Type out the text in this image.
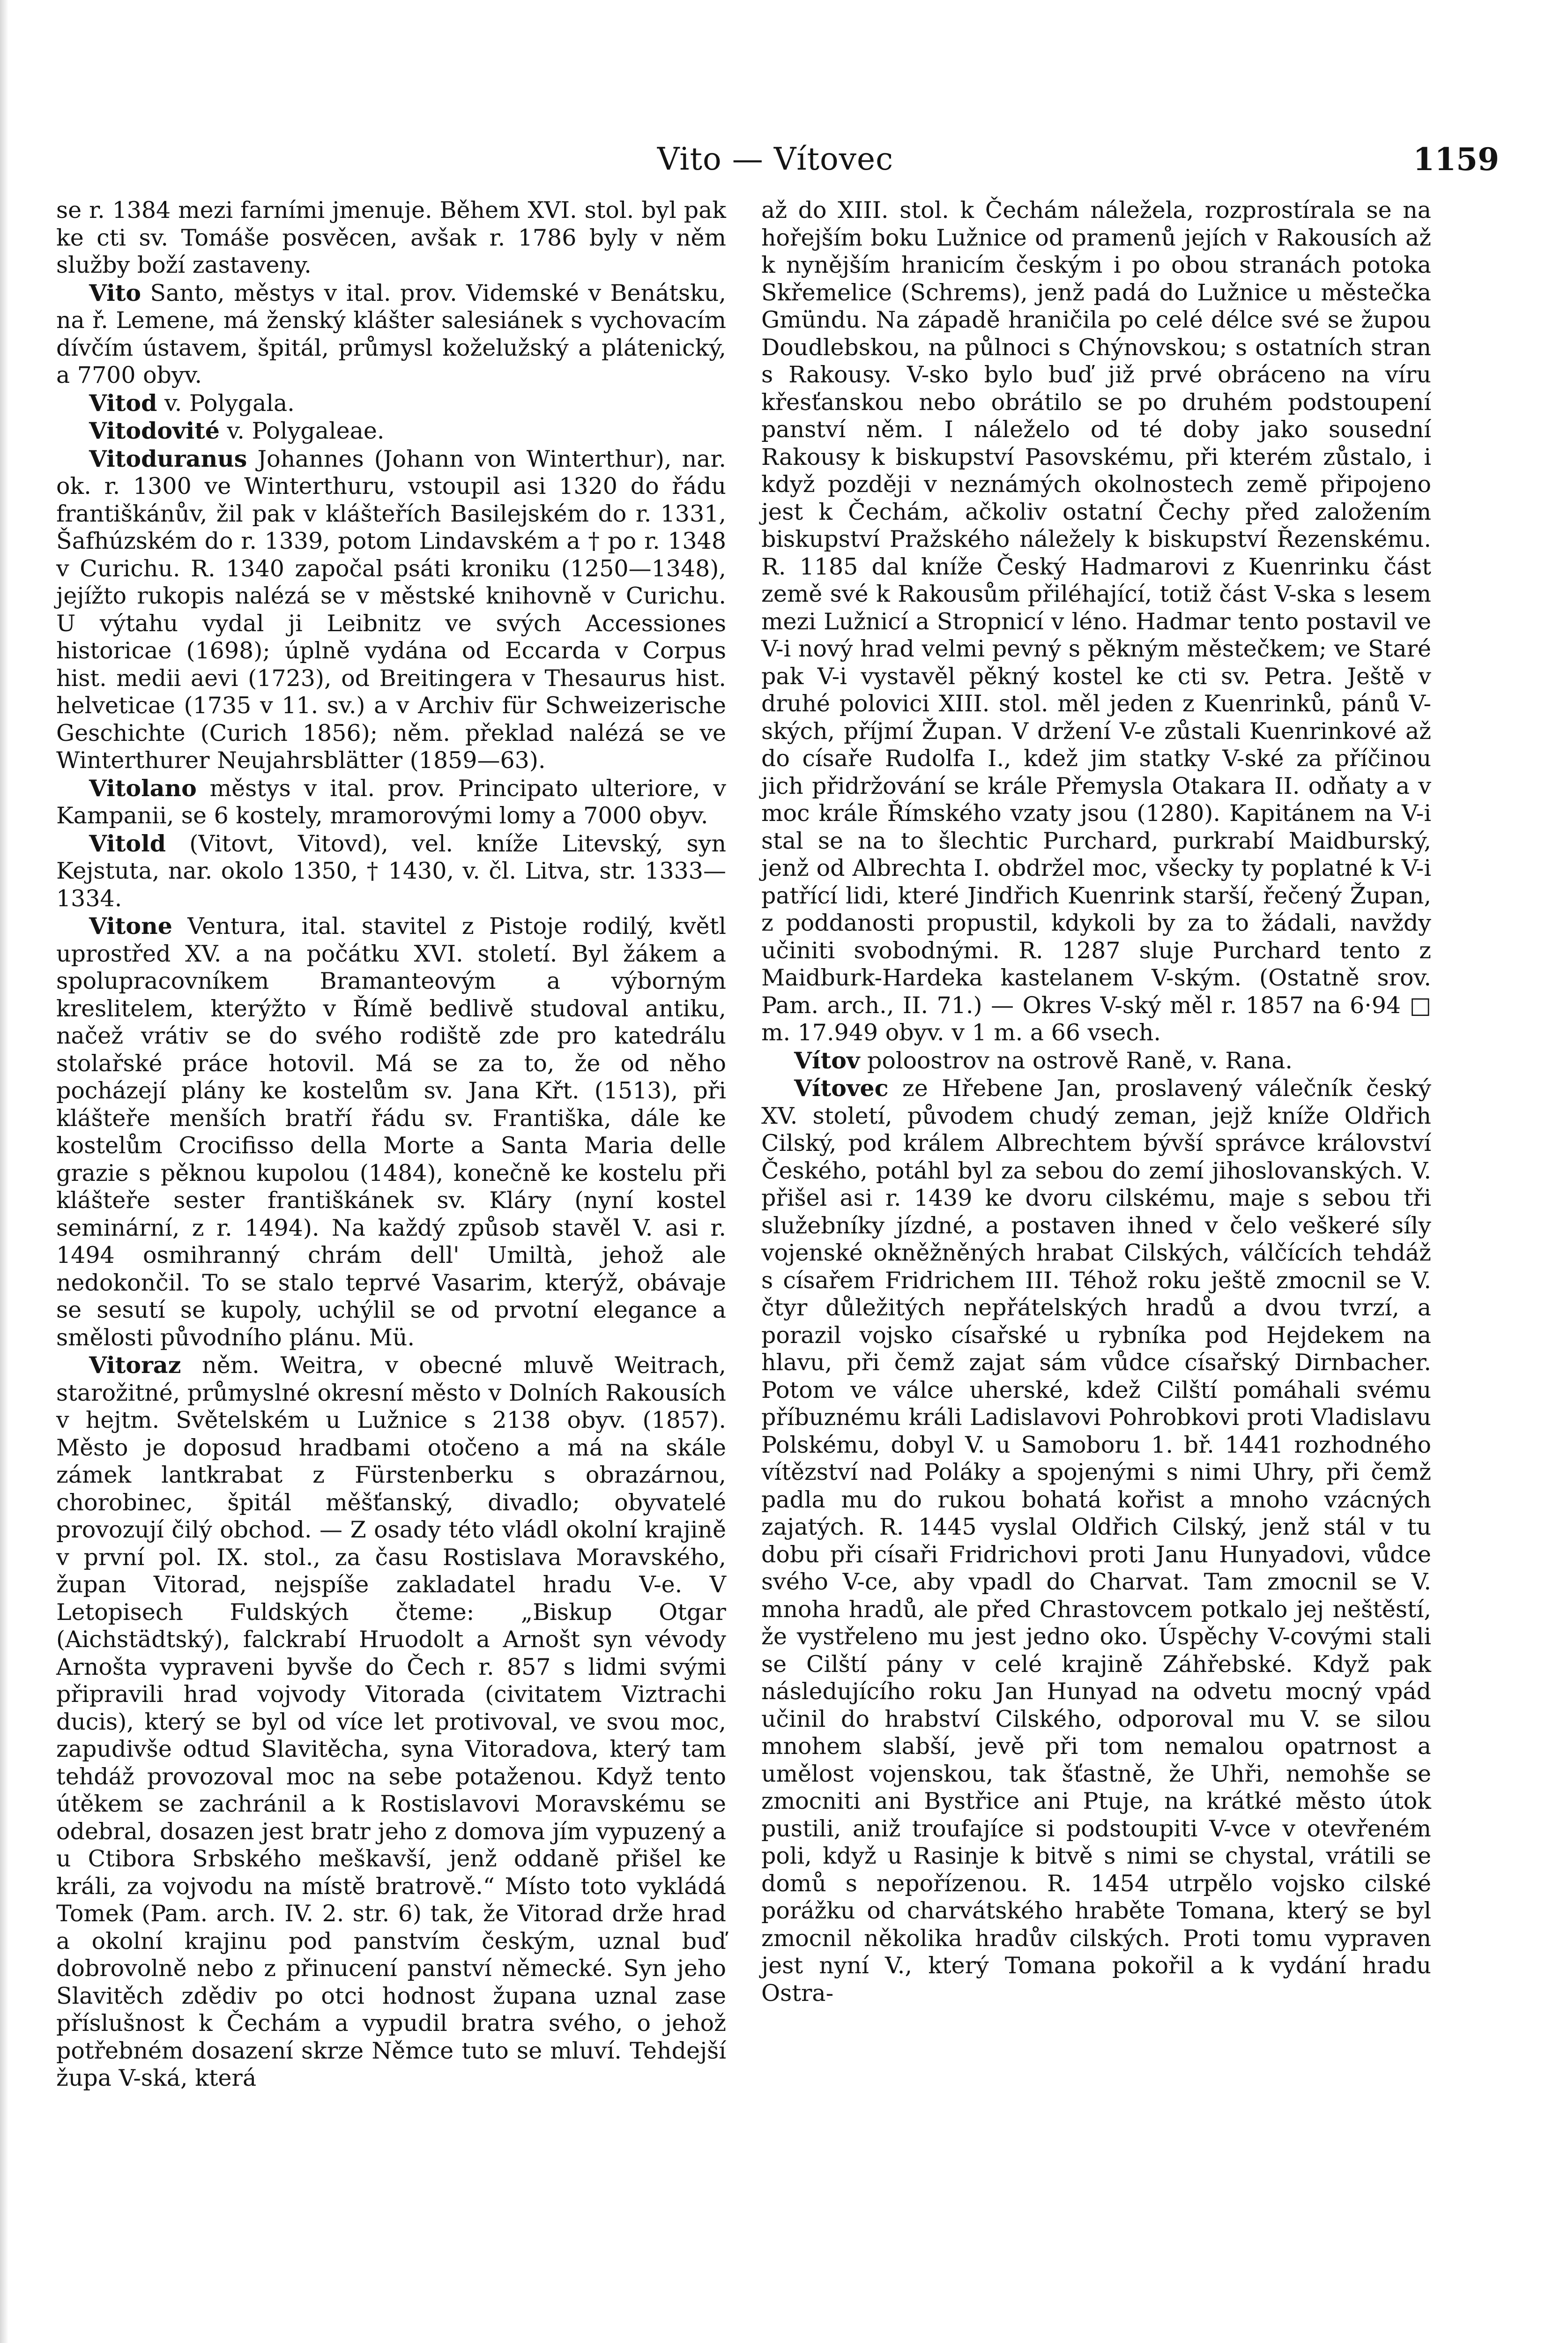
Vito — Vítovec	1159

se r. 1384 mezi farními jmenuje. Během XVI. stol. byl pak ke cti sv. Tomáše posvěcen, avšak r. 1786 byly v něm služby boží zastaveny.

Vito Santo, městys v ital. prov. Videmské v Benátsku, na ř. Lemene, má ženský klášter salesiánek s vychovacím dívčím ústavem, špitál, průmysl koželužský a plátenický, a 7700 obyv.

Vitod v. Polygala.

Vitodovité v. Polygaleae.

Vitoduranus Johannes (Johann von Winterthur), nar. ok. r. 1300 ve Winterthuru, vstoupil asi 1320 do řádu františkánův, žil pak v klášteřích Basilejském do r. 1331, Šafhúzském do r. 1339, potom Lindavském a † po r. 1348 v Curichu. R. 1340 započal psáti kroniku (1250—1348), jejížto rukopis nalézá se v městské knihovně v Curichu. U výtahu vydal ji Leibnitz ve svých Accessiones historicae (1698); úplně vydána od Eccarda v Corpus hist. medii aevi (1723), od Breitingera v Thesaurus hist. helveticae (1735 v 11. sv.) a v Archiv für Schweizerische Geschichte (Curich 1856); něm. překlad nalézá se ve Winterthurer Neujahrsblätter (1859—63).

Vitolano městys v ital. prov. Principato ulteriore, v Kampanii, se 6 kostely, mramorovými lomy a 7000 obyv.

Vitold (Vitovt, Vitovd), vel. kníže Litevský, syn Kejstuta, nar. okolo 1350, † 1430, v. čl. Litva, str. 1333—1334.

Vitone Ventura, ital. stavitel z Pistoje rodilý, květl uprostřed XV. a na počátku XVI. století. Byl žákem a spolupracovníkem Bramanteovým a výborným kreslitelem, kterýžto v Římě bedlivě studoval antiku, načež vrátiv se do svého rodiště zde pro katedrálu stolařské práce hotovil. Má se za to, že od něho pocházejí plány ke kostelům sv. Jana Křt. (1513), při klášteře menších bratří řádu sv. Františka, dále ke kostelům Crocifisso della Morte a Santa Maria delle grazie s pěknou kupolou (1484), konečně ke kostelu při klášteře sester františkánek sv. Kláry (nyní kostel seminární, z r. 1494). Na každý způsob stavěl V. asi r. 1494 osmihranný chrám dell' Umiltà, jehož ale nedokončil. To se stalo teprvé Vasarim, kterýž, obávaje se sesutí se kupoly, uchýlil se od prvotní elegance a smělosti původního plánu. Mü.

Vitoraz něm. Weitra, v obecné mluvě Weitrach, starožitné, průmyslné okresní město v Dolních Rakousích v hejtm. Světelském u Lužnice s 2138 obyv. (1857). Město je doposud hradbami otočeno a má na skále zámek lantkrabat z Fürstenberku s obrazárnou, chorobinec, špitál měšťanský, divadlo; obyvatelé provozují čilý obchod. — Z osady této vládl okolní krajině v první pol. IX. stol., za času Rostislava Moravského, župan Vitorad, nejspíše zakladatel hradu V-e. V Letopisech Fuldských čteme: „Biskup Otgar (Aichstädtský), falckrabí Hruodolt a Arnošt syn vévody Arnošta vypraveni byvše do Čech r. 857 s lidmi svými připravili hrad vojvody Vitorada (civitatem Viztrachi ducis), který se byl od více let protivoval, ve svou moc, zapudivše odtud Slavitěcha, syna Vitoradova, který tam tehdáž provozoval moc na sebe potaženou. Když tento útěkem se zachránil a k Rostislavovi Moravskému se odebral, dosazen jest bratr jeho z domova jím vypuzený a u Ctibora Srbského meškavší, jenž oddaně přišel ke králi, za vojvodu na místě bratrově.“ Místo toto vykládá Tomek (Pam. arch. IV. 2. str. 6) tak, že Vitorad drže hrad a okolní krajinu pod panstvím českým, uznal buď dobrovolně nebo z přinucení panství německé. Syn jeho Slavitěch zdědiv po otci hodnost župana uznal zase příslušnost k Čechám a vypudil bratra svého, o jehož potřebném dosazení skrze Němce tuto se mluví. Tehdejší župa V-ská, která

až do XIII. stol. k Čechám náležela, rozprostírala se na hořejším boku Lužnice od pramenů jejích v Rakousích až k nynějším hranicím českým i po obou stranách potoka Skřemelice (Schrems), jenž padá do Lužnice u městečka Gmündu. Na západě hraničila po celé délce své se župou Doudlebskou, na půlnoci s Chýnovskou; s ostatních stran s Rakousy. V-sko bylo buď již prvé obráceno na víru křesťanskou nebo obrátilo se po druhém podstoupení panství něm. I náleželo od té doby jako sousední Rakousy k biskupství Pasovskému, při kterém zůstalo, i když později v neznámých okolnostech země připojeno jest k Čechám, ačkoliv ostatní Čechy před založením biskupství Pražského náležely k biskupství Řezenskému. R. 1185 dal kníže Český Hadmarovi z Kuenrinku část země své k Rakousům přiléhající, totiž část V-ska s lesem mezi Lužnicí a Stropnicí v léno. Hadmar tento postavil ve V-i nový hrad velmi pevný s pěkným městečkem; ve Staré pak V-i vystavěl pěkný kostel ke cti sv. Petra. Ještě v druhé polovici XIII. stol. měl jeden z Kuenrinků, pánů V-ských, příjmí Župan. V držení V-e zůstali Kuenrinkové až do císaře Rudolfa I., kdež jim statky V-ské za příčinou jich přidržování se krále Přemysla Otakara II. odňaty a v moc krále Římského vzaty jsou (1280). Kapitánem na V-i stal se na to šlechtic Purchard, purkrabí Maidburský, jenž od Albrechta I. obdržel moc, všecky ty poplatné k V-i patřící lidi, které Jindřich Kuenrink starší, řečený Župan, z poddanosti propustil, kdykoli by za to žádali, navždy učiniti svobodnými. R. 1287 sluje Purchard tento z Maidburk-Hardeka kastelanem V-ským. (Ostatně srov. Pam. arch., II. 71.) — Okres V-ský měl r. 1857 na 6·94 □ m. 17.949 obyv. v 1 m. a 66 vsech.

Vítov poloostrov na ostrově Raně, v. Rana.

Vítovec ze Hřebene Jan, proslavený válečník český XV. století, původem chudý zeman, jejž kníže Oldřich Cilský, pod králem Albrechtem bývší správce království Českého, potáhl byl za sebou do zemí jihoslovanských. V. přišel asi r. 1439 ke dvoru cilskému, maje s sebou tři služebníky jízdné, a postaven ihned v čelo veškeré síly vojenské okněžněných hrabat Cilských, válčících tehdáž s císařem Fridrichem III. Téhož roku ještě zmocnil se V. čtyr důležitých nepřátelských hradů a dvou tvrzí, a porazil vojsko císařské u rybníka pod Hejdekem na hlavu, při čemž zajat sám vůdce císařský Dirnbacher. Potom ve válce uherské, kdež Cilští pomáhali svému příbuznému králi Ladislavovi Pohrobkovi proti Vladislavu Polskému, dobyl V. u Samoboru 1. bř. 1441 rozhodného vítězství nad Poláky a spojenými s nimi Uhry, při čemž padla mu do rukou bohatá kořist a mnoho vzácných zajatých. R. 1445 vyslal Oldřich Cilský, jenž stál v tu dobu při císaři Fridrichovi proti Janu Hunyadovi, vůdce svého V-ce, aby vpadl do Charvat. Tam zmocnil se V. mnoha hradů, ale před Chrastovcem potkalo jej neštěstí, že vystřeleno mu jest jedno oko. Úspěchy V-covými stali se Cilští pány v celé krajině Záhřebské. Když pak následujícího roku Jan Hunyad na odvetu mocný vpád učinil do hrabství Cilského, odporoval mu V. se silou mnohem slabší, jevě při tom nemalou opatrnost a umělost vojenskou, tak šťastně, že Uhři, nemohše se zmocniti ani Bystřice ani Ptuje, na krátké město útok pustili, aniž troufajíce si podstoupiti V-vce v otevřeném poli, když u Rasinje k bitvě s nimi se chystal, vrátili se domů s nepořízenou. R. 1454 utrpělo vojsko cilské porážku od charvátského hraběte Tomana, který se byl zmocnil několika hradův cilských. Proti tomu vypraven jest nyní V., který Tomana pokořil a k vydání hradu Ostra-
